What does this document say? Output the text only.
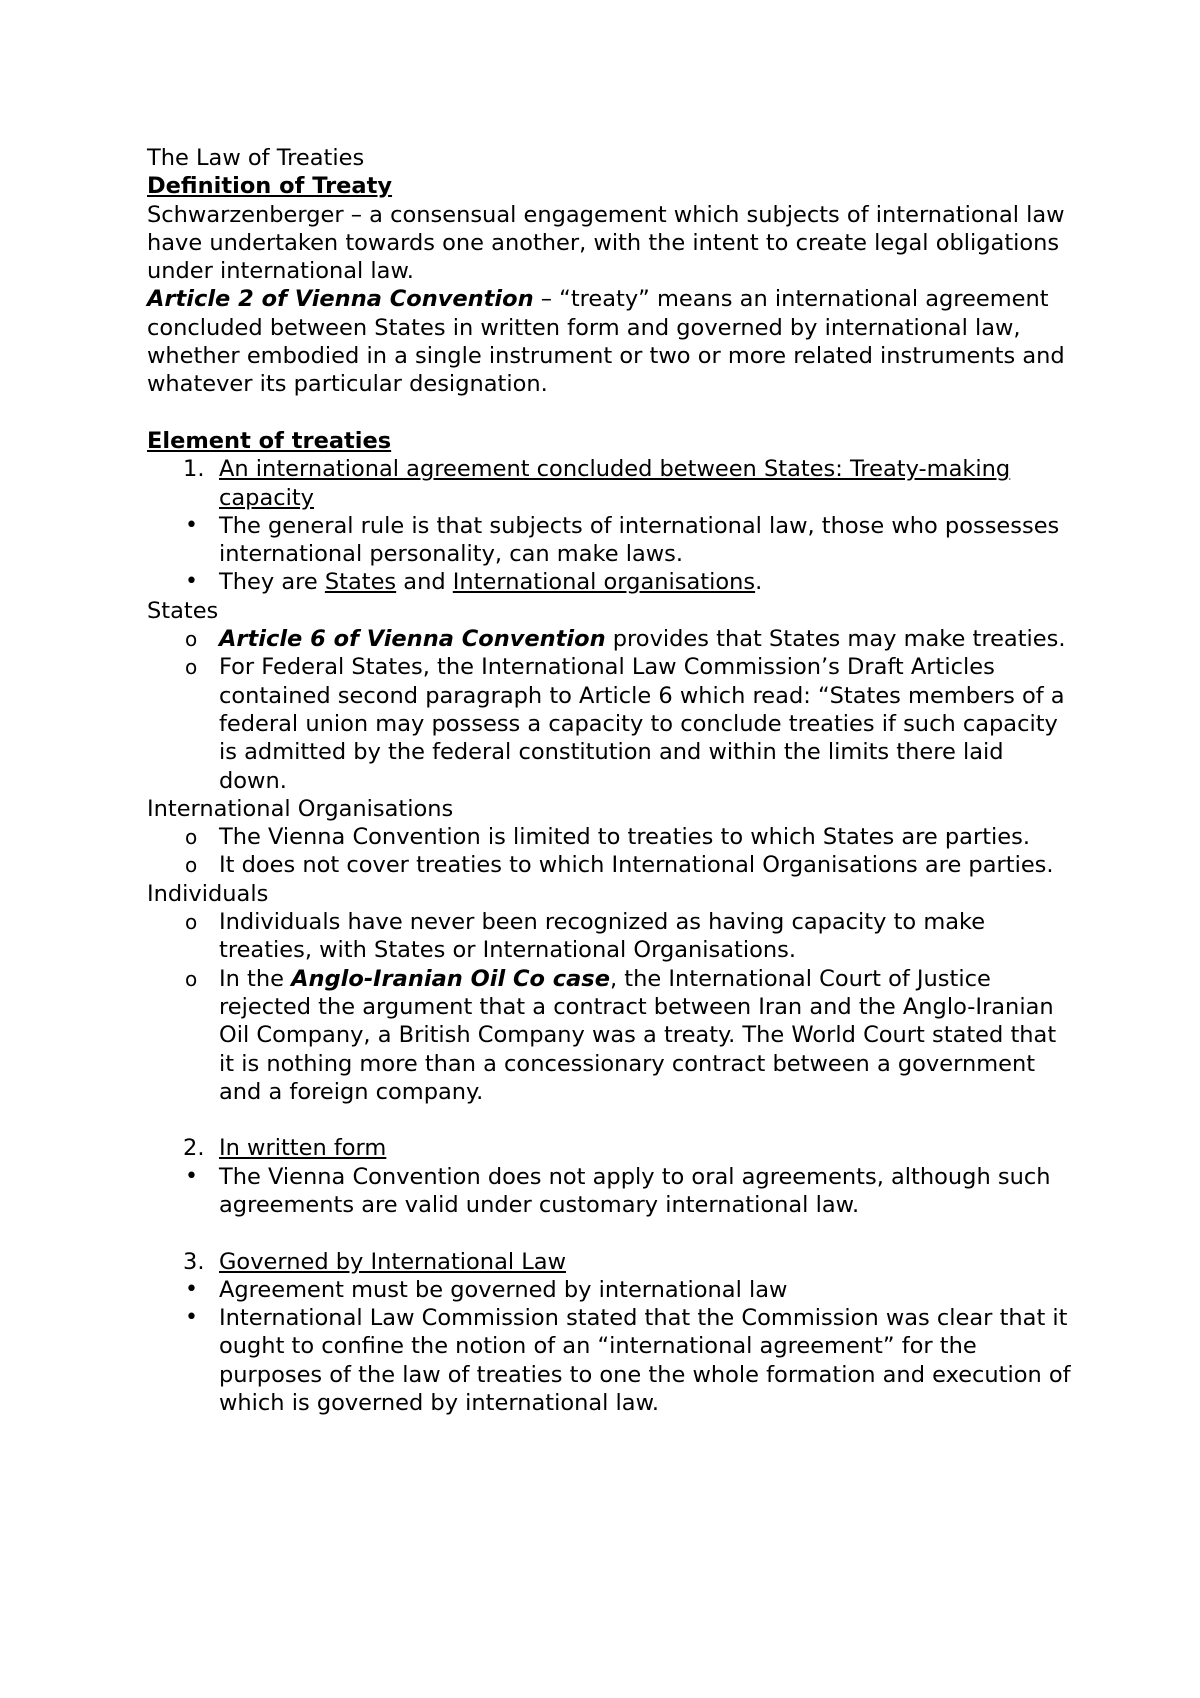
The Law of Treaties

Definition of Treaty

Schwarzenberger – a consensual engagement which subjects of international law have undertaken towards one another, with the intent to create legal obligations under international law.

Article 2 of Vienna Convention – “treaty” means an international agreement concluded between States in written form and governed by international law, whether embodied in a single instrument or two or more related instruments and whatever its particular designation.

Element of treaties

1. An international agreement concluded between States: Treaty-making capacity

• The general rule is that subjects of international law, those who possesses international personality, can make laws.

• They are States and International organisations.

States

o Article 6 of Vienna Convention provides that States may make treaties.

o For Federal States, the International Law Commission’s Draft Articles contained second paragraph to Article 6 which read: “States members of a federal union may possess a capacity to conclude treaties if such capacity is admitted by the federal constitution and within the limits there laid down.

International Organisations

o The Vienna Convention is limited to treaties to which States are parties.

o It does not cover treaties to which International Organisations are parties.

Individuals

o Individuals have never been recognized as having capacity to make treaties, with States or International Organisations.

o In the Anglo-Iranian Oil Co case, the International Court of Justice rejected the argument that a contract between Iran and the Anglo-Iranian Oil Company, a British Company was a treaty. The World Court stated that it is nothing more than a concessionary contract between a government and a foreign company.

2. In written form

• The Vienna Convention does not apply to oral agreements, although such agreements are valid under customary international law.

3. Governed by International Law

• Agreement must be governed by international law

• International Law Commission stated that the Commission was clear that it ought to confine the notion of an “international agreement” for the purposes of the law of treaties to one the whole formation and execution of which is governed by international law.
